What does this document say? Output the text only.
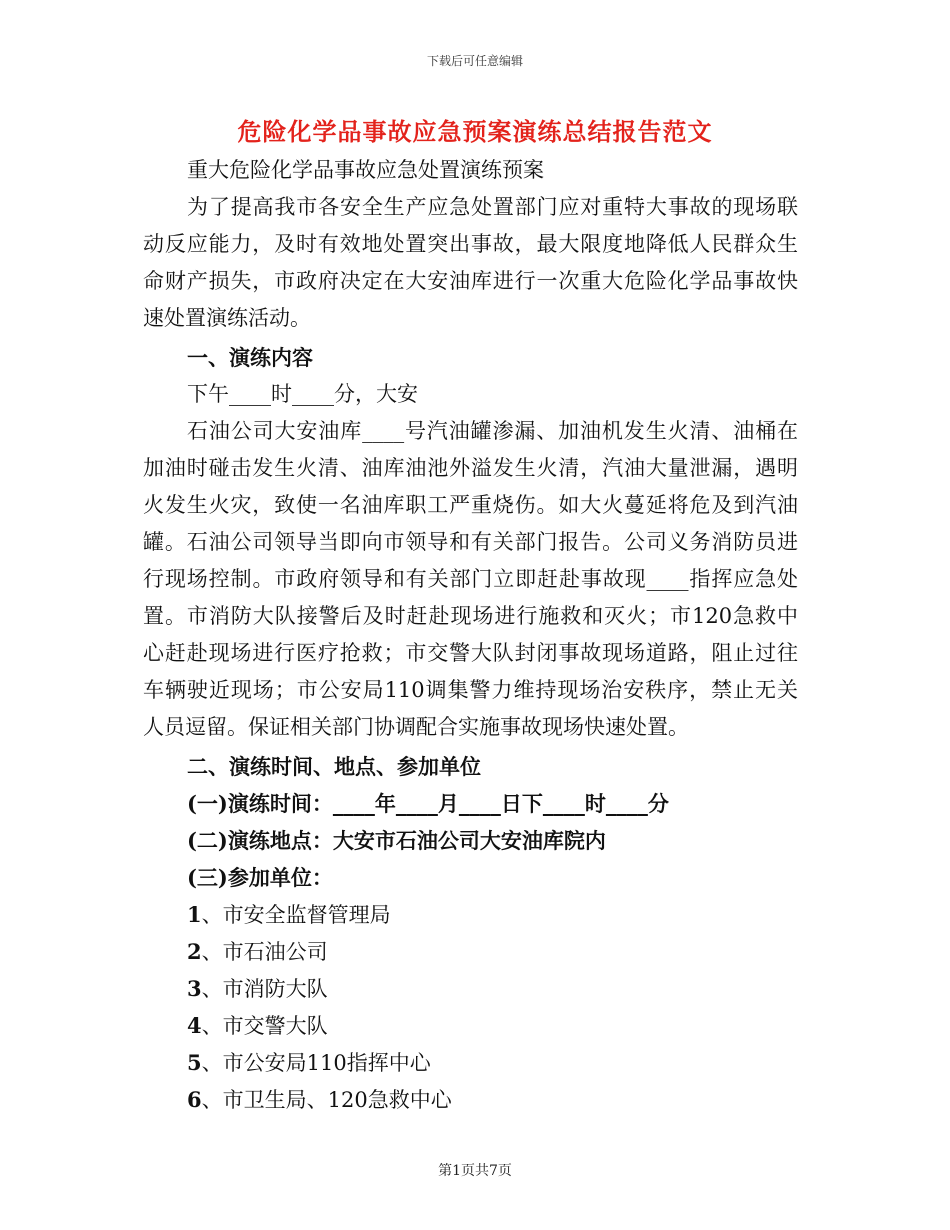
下载后可任意编辑
危险化学品事故应急预案演练总结报告范文
重大危险化学品事故应急处置演练预案
为了提高我市各安全生产应急处置部门应对重特大事故的现场联
动反应能力，及时有效地处置突出事故，最大限度地降低人民群众生
命财产损失，市政府决定在大安油库进行一次重大危险化学品事故快
速处置演练活动。
一、演练内容
下午____时____分，大安
石油公司大安油库____号汽油罐渗漏、加油机发生火清、油桶在
加油时碰击发生火清、油库油池外溢发生火清，汽油大量泄漏，遇明
火发生火灾，致使一名油库职工严重烧伤。如大火蔓延将危及到汽油
罐。石油公司领导当即向市领导和有关部门报告。公司义务消防员进
行现场控制。市政府领导和有关部门立即赶赴事故现____指挥应急处
置。市消防大队接警后及时赶赴现场进行施救和灭火；市120急救中
心赶赴现场进行医疗抢救；市交警大队封闭事故现场道路，阻止过往
车辆驶近现场；市公安局110调集警力维持现场治安秩序，禁止无关
人员逗留。保证相关部门协调配合实施事故现场快速处置。
二、演练时间、地点、参加单位
(一)演练时间：____年____月____日下____时____分
(二)演练地点：大安市石油公司大安油库院内
(三)参加单位：
1、市安全监督管理局
2、市石油公司
3、市消防大队
4、市交警大队
5、市公安局110指挥中心
6、市卫生局、120急救中心
第1页共7页
